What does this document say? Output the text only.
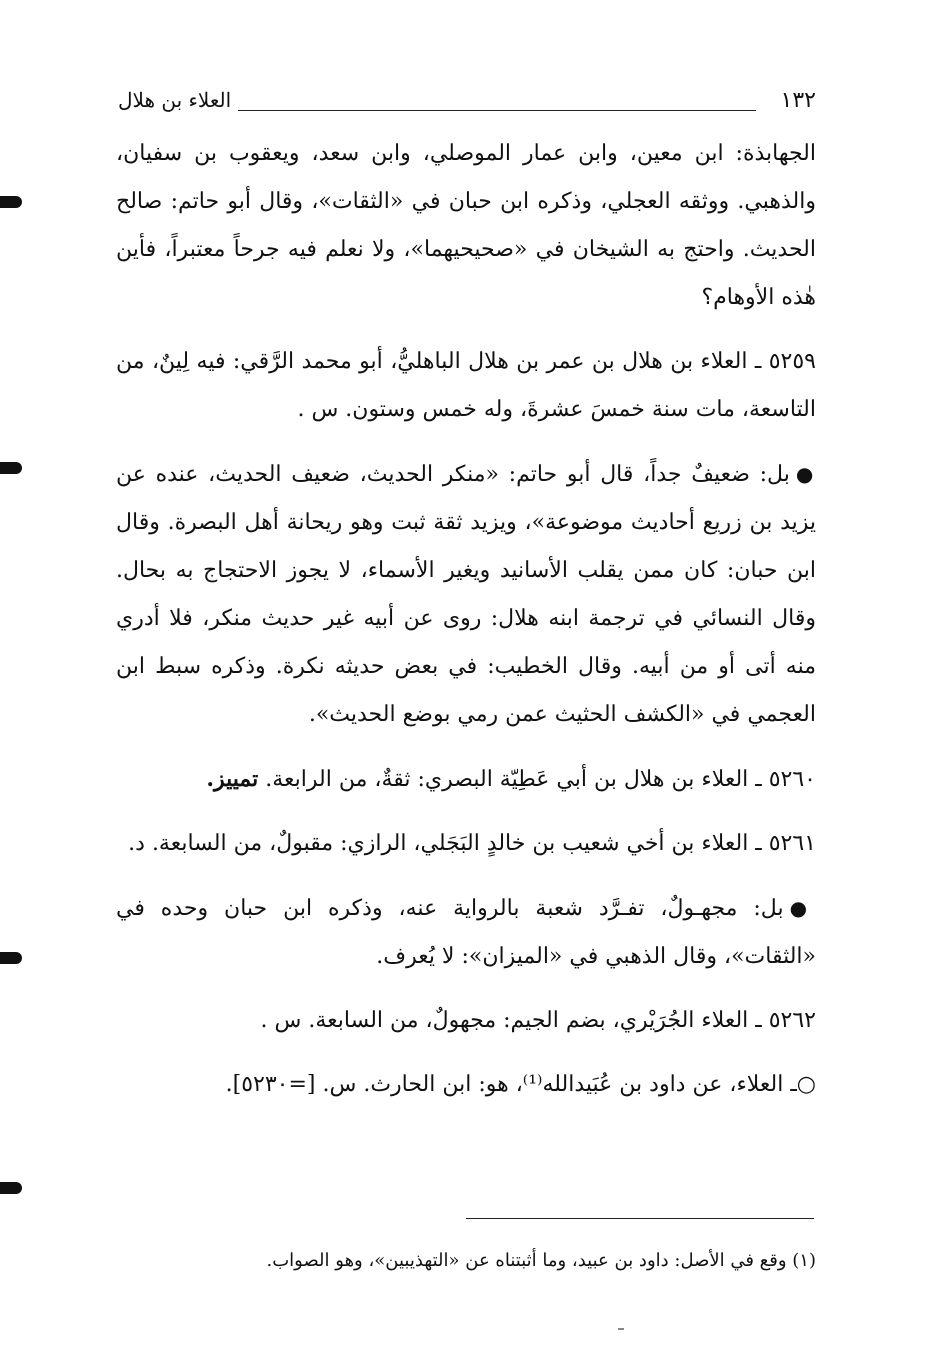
١٣٢
العلاء بن هلال

الجهابذة: ابن معين، وابن عمار الموصلي، وابن سعد، ويعقوب بن سفيان، والذهبي. ووثقه العجلي، وذكره ابن حبان في «الثقات»، وقال أبو حاتم: صالح الحديث. واحتج به الشيخان في «صحيحيهما»، ولا نعلم فيه جرحاً معتبراً، فأين هٰذه الأوهام؟

٥٢٥٩ ـ العلاء بن هلال بن عمر بن هلال الباهليُّ، أبو محمد الرَّقي: فيه لِينٌ، من التاسعة، مات سنة خمسَ عشرةَ، وله خمس وستون. س .

●بل: ضعيفٌ جداً، قال أبو حاتم: «منكر الحديث، ضعيف الحديث، عنده عن يزيد بن زريع أحاديث موضوعة»، ويزيد ثقة ثبت وهو ريحانة أهل البصرة. وقال ابن حبان: كان ممن يقلب الأسانيد ويغير الأسماء، لا يجوز الاحتجاج به بحال. وقال النسائي في ترجمة ابنه هلال: روى عن أبيه غير حديث منكر، فلا أدري منه أتى أو من أبيه. وقال الخطيب: في بعض حديثه نكرة. وذكره سبط ابن العجمي في «الكشف الحثيث عمن رمي بوضع الحديث».

٥٢٦٠ ـ العلاء بن هلال بن أبي عَطِيّة البصري: ثقةٌ، من الرابعة. تمييز.

٥٢٦١ ـ العلاء بن أخي شعيب بن خالدٍ البَجَلي، الرازي: مقبولٌ، من السابعة. د.

●بل: مجهـولٌ، تفـرَّد شعبة بالرواية عنه، وذكره ابن حبان وحده في «الثقات»، وقال الذهبي في «الميزان»: لا يُعرف.

٥٢٦٢ ـ العلاء الجُرَيْري، بضم الجيم: مجهولٌ، من السابعة. س .

○ـ العلاء، عن داود بن عُبَيدالله⁽¹⁾، هو: ابن الحارث. س. [=٥٢٣٠].

(١) وقع في الأصل: داود بن عبيد، وما أثبتناه عن «التهذيبين»، وهو الصواب.
